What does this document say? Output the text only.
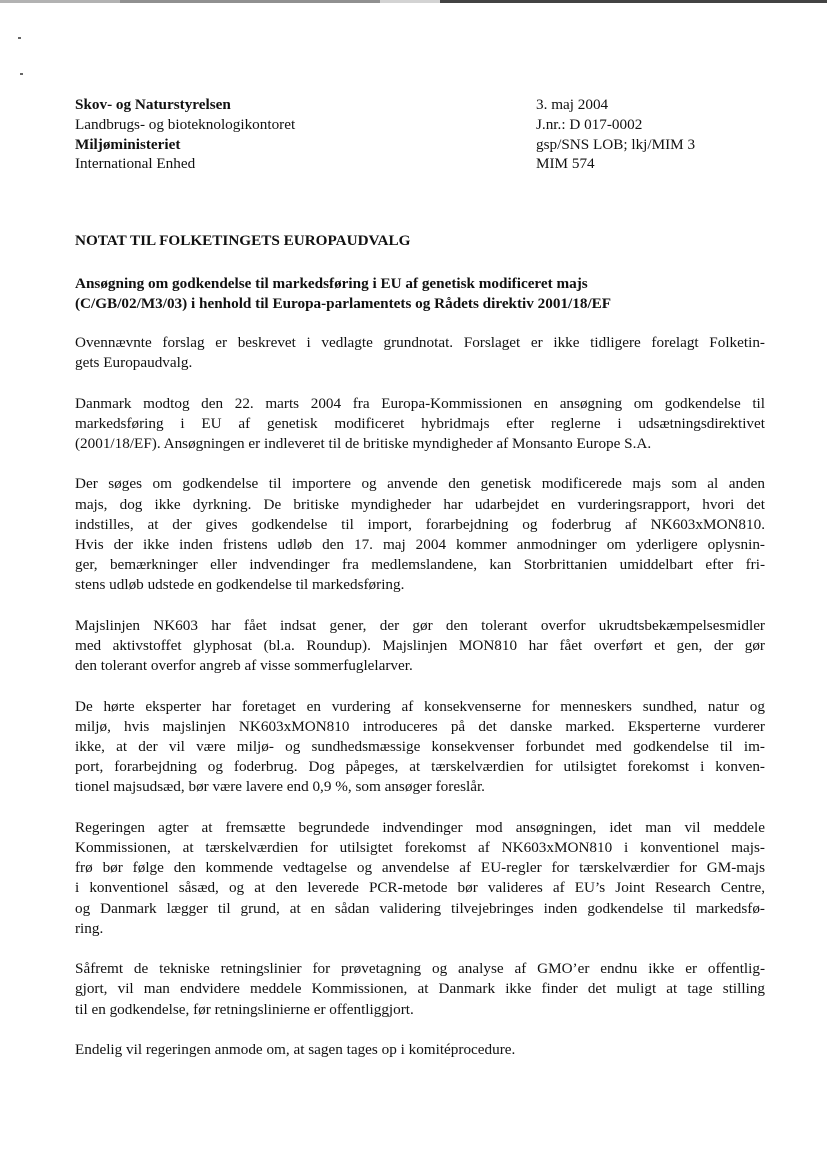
Skov- og Naturstyrelsen
Landbrugs- og bioteknologikontoret
Miljøministeriet
International Enhed
3. maj 2004
J.nr.: D 017-0002
gsp/SNS LOB; lkj/MIM 3
MIM 574
NOTAT TIL FOLKETINGETS EUROPAUDVALG
Ansøgning om godkendelse til markedsføring i EU af genetisk modificeret majs
(C/GB/02/M3/03) i henhold til Europa-parlamentets og Rådets direktiv 2001/18/EF

Ovennævnte forslag er beskrevet i vedlagte grundnotat. Forslaget er ikke tidligere forelagt Folketin-
gets Europaudvalg.

Danmark modtog den 22. marts 2004 fra Europa-Kommissionen en ansøgning om godkendelse til
markedsføring i EU af genetisk modificeret hybridmajs efter reglerne i udsætningsdirektivet
(2001/18/EF). Ansøgningen er indleveret til de britiske myndigheder af Monsanto Europe S.A.

Der søges om godkendelse til importere og anvende den genetisk modificerede majs som al anden
majs, dog ikke dyrkning. De britiske myndigheder har udarbejdet en vurderingsrapport, hvori det
indstilles, at der gives godkendelse til import, forarbejdning og foderbrug af NK603xMON810.
Hvis der ikke inden fristens udløb den 17. maj 2004 kommer anmodninger om yderligere oplysnin-
ger, bemærkninger eller indvendinger fra medlemslandene, kan Storbrittanien umiddelbart efter fri-
stens udløb udstede en godkendelse til markedsføring.

Majslinjen NK603 har fået indsat gener, der gør den tolerant overfor ukrudtsbekæmpelsesmidler
med aktivstoffet glyphosat (bl.a. Roundup). Majslinjen MON810 har fået overført et gen, der gør
den tolerant overfor angreb af visse sommerfuglelarver.

De hørte eksperter har foretaget en vurdering af konsekvenserne for menneskers sundhed, natur og
miljø, hvis majslinjen NK603xMON810 introduceres på det danske marked. Eksperterne vurderer
ikke, at der vil være miljø- og sundhedsmæssige konsekvenser forbundet med godkendelse til im-
port, forarbejdning og foderbrug. Dog påpeges, at tærskelværdien for utilsigtet forekomst i konven-
tionel majsudsæd, bør være lavere end 0,9 %, som ansøger foreslår.

Regeringen agter at fremsætte begrundede indvendinger mod ansøgningen, idet man vil meddele
Kommissionen, at tærskelværdien for utilsigtet forekomst af NK603xMON810 i konventionel majs-
frø bør følge den kommende vedtagelse og anvendelse af EU-regler for tærskelværdier for GM-majs
i konventionel såsæd, og at den leverede PCR-metode bør valideres af EU’s Joint Research Centre,
og Danmark lægger til grund, at en sådan validering tilvejebringes inden godkendelse til markedsfø-
ring.

Såfremt de tekniske retningslinier for prøvetagning og analyse af GMO’er endnu ikke er offentlig-
gjort, vil man endvidere meddele Kommissionen, at Danmark ikke finder det muligt at tage stilling
til en godkendelse, før retningslinierne er offentliggjort.

Endelig vil regeringen anmode om, at sagen tages op i komitéprocedure.
